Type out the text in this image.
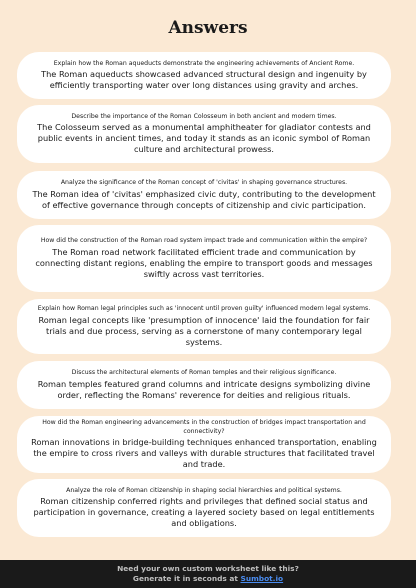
Answers
Explain how the Roman aqueducts demonstrate the engineering achievements of Ancient Rome.
The Roman aqueducts showcased advanced structural design and ingenuity by efficiently transporting water over long distances using gravity and arches.
Describe the importance of the Roman Colosseum in both ancient and modern times.
The Colosseum served as a monumental amphitheater for gladiator contests and public events in ancient times, and today it stands as an iconic symbol of Roman culture and architectural prowess.
Analyze the significance of the Roman concept of 'civitas' in shaping governance structures.
The Roman idea of 'civitas' emphasized civic duty, contributing to the development of effective governance through concepts of citizenship and civic participation.
How did the construction of the Roman road system impact trade and communication within the empire?
The Roman road network facilitated efficient trade and communication by connecting distant regions, enabling the empire to transport goods and messages swiftly across vast territories.
Explain how Roman legal principles such as 'innocent until proven guilty' influenced modern legal systems.
Roman legal concepts like 'presumption of innocence' laid the foundation for fair trials and due process, serving as a cornerstone of many contemporary legal systems.
Discuss the architectural elements of Roman temples and their religious significance.
Roman temples featured grand columns and intricate designs symbolizing divine order, reflecting the Romans' reverence for deities and religious rituals.
How did the Roman engineering advancements in the construction of bridges impact transportation and connectivity?
Roman innovations in bridge-building techniques enhanced transportation, enabling the empire to cross rivers and valleys with durable structures that facilitated travel and trade.
Analyze the role of Roman citizenship in shaping social hierarchies and political systems.
Roman citizenship conferred rights and privileges that defined social status and participation in governance, creating a layered society based on legal entitlements and obligations.
Need your own custom worksheet like this?
Generate it in seconds at Sumbot.io
